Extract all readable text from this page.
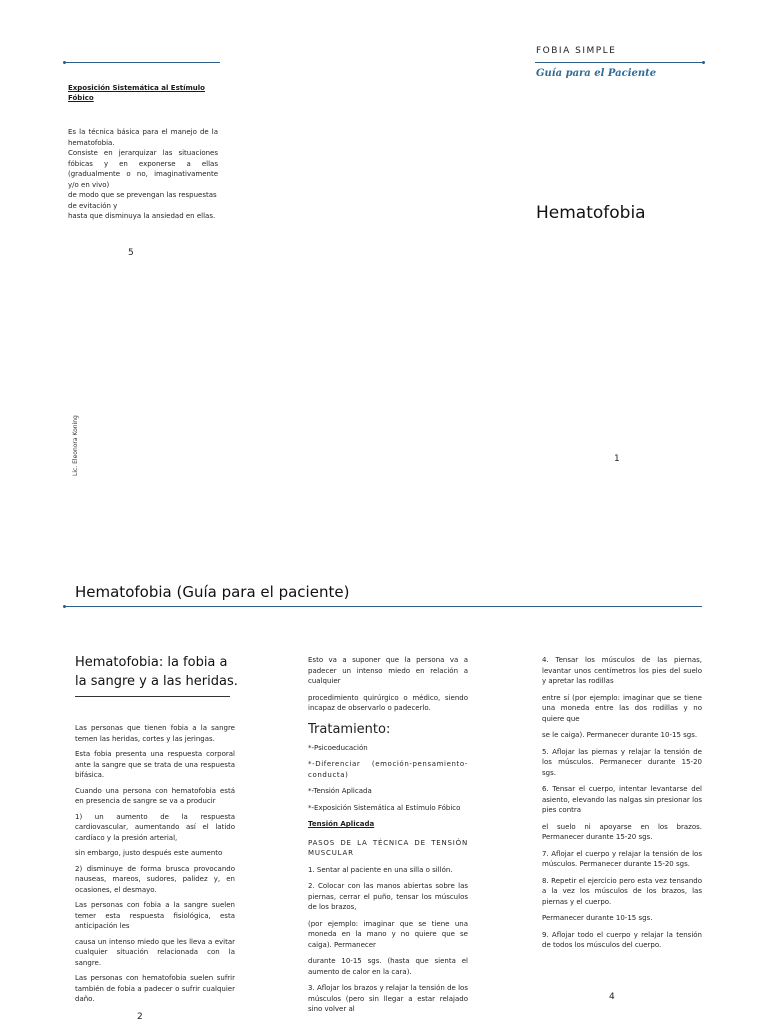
Exposición Sistemática al Estímulo Fóbico
Es la técnica básica para el manejo de la hematofobia.
Consiste en jerarquizar las situaciones fóbicas y en exponerse a ellas (gradualmente o no, imaginativamente y/o en vivo)
de modo que se prevengan las respuestas de evitación y
hasta que disminuya la ansiedad en ellas.
5
Lic. Eleonora Koning
FOBIA SIMPLE
Guía para el Paciente
Hematofobia
1
Hematofobia (Guía para el paciente)
Hematofobia: la fobia a la sangre y a las heridas.

Las personas que tienen fobia a la sangre temen las heridas, cortes y las jeringas.

Esta fobia presenta una respuesta corporal ante la sangre que se trata de una respuesta bifásica.

Cuando una persona con hematofobia está en presencia de sangre se va a producir

1) un aumento de la respuesta cardiovascular, aumentando así el latido cardíaco y la presión arterial,

sin embargo, justo después este aumento

2) disminuye de forma brusca provocando nauseas, mareos, sudores, palidez y, en ocasiones, el desmayo.

Las personas con fobia a la sangre suelen temer esta respuesta fisiológica, esta anticipación les

causa un intenso miedo que les lleva a evitar cualquier situación relacionada con la sangre.

Las personas con hematofobia suelen sufrir también de fobia a padecer o sufrir cualquier daño.

2

Esto va a suponer que la persona va a padecer un intenso miedo en relación a cualquier

procedimiento quirúrgico o médico, siendo incapaz de observarlo o padecerlo.

Tratamiento:
*-Psicoeducación
*-Diferenciar (emoción-pensamiento-conducta)
*-Tensión Aplicada
*-Exposición Sistemática al Estímulo Fóbico
Tensión Aplicada
PASOS DE LA TÉCNICA DE TENSIÓN MUSCULAR

1. Sentar al paciente en una silla o sillón.

2. Colocar con las manos abiertas sobre las piernas, cerrar el puño, tensar los músculos de los brazos,

(por ejemplo: imaginar que se tiene una moneda en la mano y no quiere que se caiga). Permanecer

durante 10-15 sgs. (hasta que sienta el aumento de calor en la cara).

3. Aflojar los brazos y relajar la tensión de los músculos (pero sin llegar a estar relajado sino volver al

4. Tensar los músculos de las piernas, levantar unos centímetros los pies del suelo y apretar las rodillas

entre sí (por ejemplo: imaginar que se tiene una moneda entre las dos rodillas y no quiere que

se le caiga). Permanecer durante 10-15 sgs.

5. Aflojar las piernas y relajar la tensión de los músculos. Permanecer durante 15-20 sgs.

6. Tensar el cuerpo, intentar levantarse del asiento, elevando las nalgas sin presionar los pies contra

el suelo ni apoyarse en los brazos. Permanecer durante 15-20 sgs.

7. Aflojar el cuerpo y relajar la tensión de los músculos. Permanecer durante 15-20 sgs.

8. Repetir el ejercicio pero esta vez tensando a la vez los músculos de los brazos, las piernas y el cuerpo.

Permanecer durante 10-15 sgs.

9. Aflojar todo el cuerpo y relajar la tensión de todos los músculos del cuerpo.

4
